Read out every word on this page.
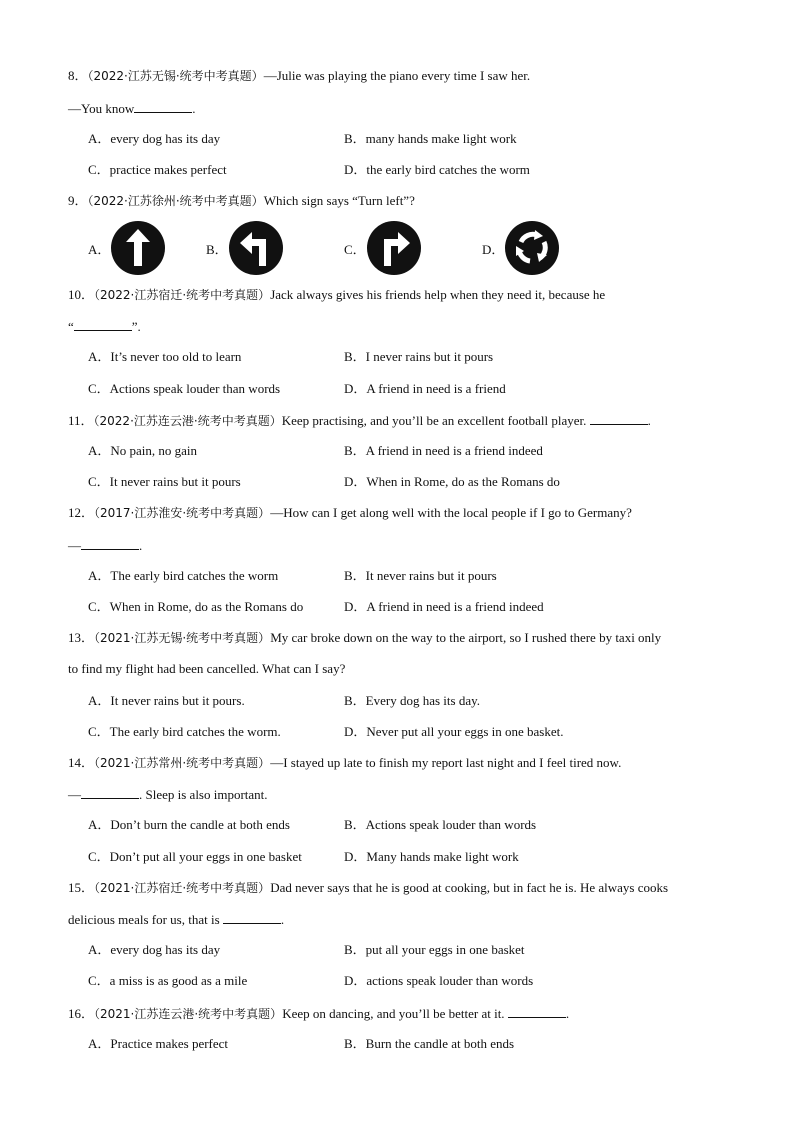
8．（2022·江苏无锡·统考中考真题）—Julie was playing the piano every time I saw her.
—You know	.
A．every dog has its day	B．many hands make light work
C．practice makes perfect	D．the early bird catches the worm
9．（2022·江苏徐州·统考中考真题）Which sign says “Turn left”?
A．	B．	C．	D．
10．（2022·江苏宿迁·统考中考真题）Jack always gives his friends help when they need it, because he
“	”.
A．It’s never too old to learn	B．I never rains but it pours
C．Actions speak louder than words	D．A friend in need is a friend
11．（2022·江苏连云港·统考中考真题）Keep practising, and you’ll be an excellent football player.	.
A．No pain, no gain	B．A friend in need is a friend indeed
C．It never rains but it pours	D．When in Rome, do as the Romans do
12．（2017·江苏淮安·统考中考真题）—How can I get along well with the local people if I go to Germany?
—	.
A．The early bird catches the worm	B．It never rains but it pours
C．When in Rome, do as the Romans do	D．A friend in need is a friend indeed
13．（2021·江苏无锡·统考中考真题）My car broke down on the way to the airport, so I rushed there by taxi only
to find my flight had been cancelled. What can I say?
A．It never rains but it pours.	B．Every dog has its day.
C．The early bird catches the worm.	D．Never put all your eggs in one basket.
14．（2021·江苏常州·统考中考真题）—I stayed up late to finish my report last night and I feel tired now.
—	. Sleep is also important.
A．Don’t burn the candle at both ends	B．Actions speak louder than words
C．Don’t put all your eggs in one basket	D．Many hands make light work
15．（2021·江苏宿迁·统考中考真题）Dad never says that he is good at cooking, but in fact he is. He always cooks
delicious meals for us, that is	.
A．every dog has its day	B．put all your eggs in one basket
C．a miss is as good as a mile	D．actions speak louder than words
16．（2021·江苏连云港·统考中考真题）Keep on dancing, and you’ll be better at it.	.
A．Practice makes perfect	B．Burn the candle at both ends
